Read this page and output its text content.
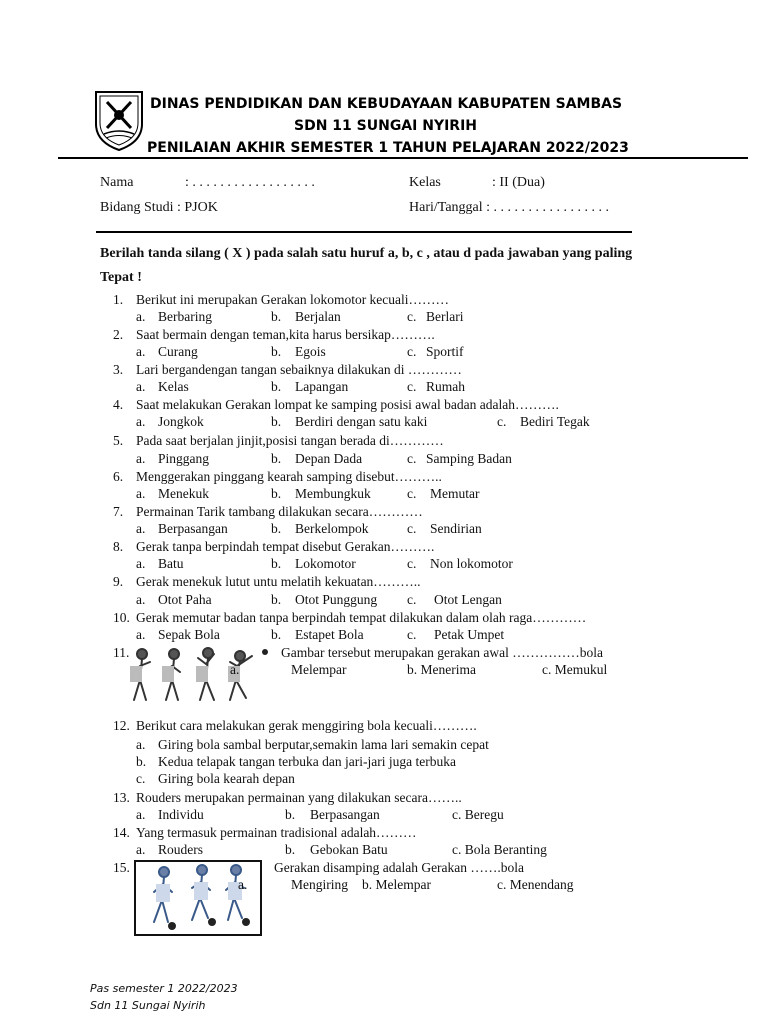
DINAS PENDIDIKAN DAN KEBUDAYAAN KABUPATEN SAMBAS
SDN 11 SUNGAI NYIRIH
PENILAIAN AKHIR SEMESTER 1 TAHUN PELAJARAN 2022/2023
Nama	: . . . . . . . . . . . . . . . . . .	Kelas	: II (Dua)
Bidang Studi : PJOK	Hari/Tanggal : . . . . . . . . . . . . . . . . .
Berilah tanda silang ( X ) pada salah satu huruf a, b, c , atau d pada jawaban yang paling
Tepat !
1. Berikut ini merupakan Gerakan lokomotor kecuali………
a. Berbaring	b. Berjalan	c. Berlari
2. Saat bermain dengan teman,kita harus bersikap……….
a. Curang	b. Egois	c. Sportif
3. Lari bergandengan tangan sebaiknya dilakukan di …………
a. Kelas	b. Lapangan	c. Rumah
4. Saat melakukan Gerakan lompat ke samping posisi awal badan adalah……….
a. Jongkok	b. Berdiri dengan satu kaki	c. Bediri Tegak
5. Pada saat berjalan jinjit,posisi tangan berada di…………
a. Pinggang	b. Depan Dada	c. Samping Badan
6. Menggerakan pinggang kearah samping disebut………..
a. Menekuk	b. Membungkuk	c. Memutar
7. Permainan Tarik tambang dilakukan secara…………
a. Berpasangan	b. Berkelompok	c. Sendirian
8. Gerak tanpa berpindah tempat disebut Gerakan……….
a. Batu	b. Lokomotor	c. Non lokomotor
9. Gerak menekuk lutut untu melatih kekuatan………..
a. Otot Paha	b. Otot Punggung c. Otot Lengan
10. Gerak memutar badan tanpa berpindah tempat dilakukan dalam olah raga…………
a. Sepak Bola	b. Estapet Bola	c. Petak Umpet
11.	Gambar tersebut merupakan gerakan awal ……………bola
a.	Melempar	b. Menerima	c. Memukul
12. Berikut cara melakukan gerak menggiring bola kecuali……….
a. Giring bola sambal berputar,semakin lama lari semakin cepat
b. Kedua telapak tangan terbuka dan jari-jari juga terbuka
c. Giring bola kearah depan
13. Rouders merupakan permainan yang dilakukan secara……..
a. Individu	b. Berpasangan	c. Beregu
14. Yang termasuk permainan tradisional adalah………
a. Rouders	b. Gebokan Batu	c. Bola Beranting
15.	Gerakan disamping adalah Gerakan …….bola
a.	Mengiring b. Melempar	c. Menendang
Pas semester 1 2022/2023
Sdn 11 Sungai Nyirih
